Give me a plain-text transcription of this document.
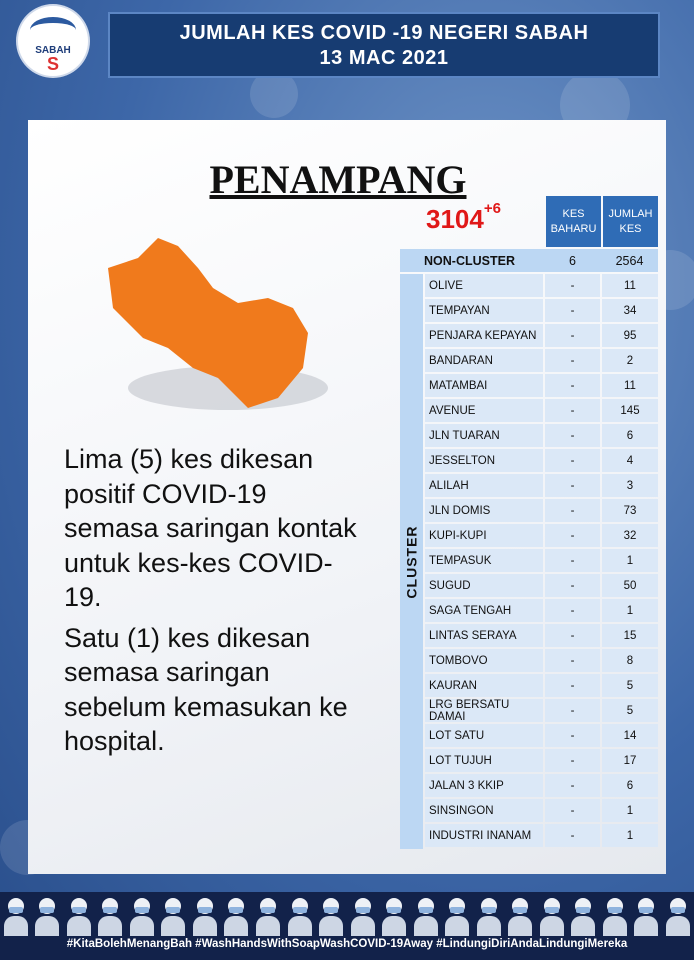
SABAH
S
JUMLAH KES COVID -19 NEGERI SABAH
13 MAC 2021
PENAMPANG

Lima (5) kes dikesan positif COVID-19 semasa saringan kontak untuk kes-kes COVID-19.

Satu (1) kes dikesan semasa saringan sebelum kemasukan ke hospital.

$3104^{+6}$	KES BAHARU
JUMLAH KES
NON-CLUSTER	6	2564
CLUSTER
OLIVE	-	11
TEMPAYAN	-	34
PENJARA KEPAYAN	-	95
BANDARAN	-	2
MATAMBAI	-	11
AVENUE	-	145
JLN TUARAN	-	6
JESSELTON	-	4
ALILAH	-	3
JLN DOMIS	-	73
KUPI-KUPI	-	32
TEMPASUK	-	1
SUGUD	-	50
SAGA TENGAH	-	1
LINTAS SERAYA	-	15
TOMBOVO	-	8
KAURAN	-	5
LRG BERSATU DAMAI	-	5
LOT SATU	-	14
LOT TUJUH	-	17
JALAN 3 KKIP	-	6
SINSINGON	-	1
INDUSTRI INANAM	-	1
#KitaBolehMenangBah #WashHandsWithSoapWashCOVID-19Away #LindungiDiriAndaLindungiMereka
